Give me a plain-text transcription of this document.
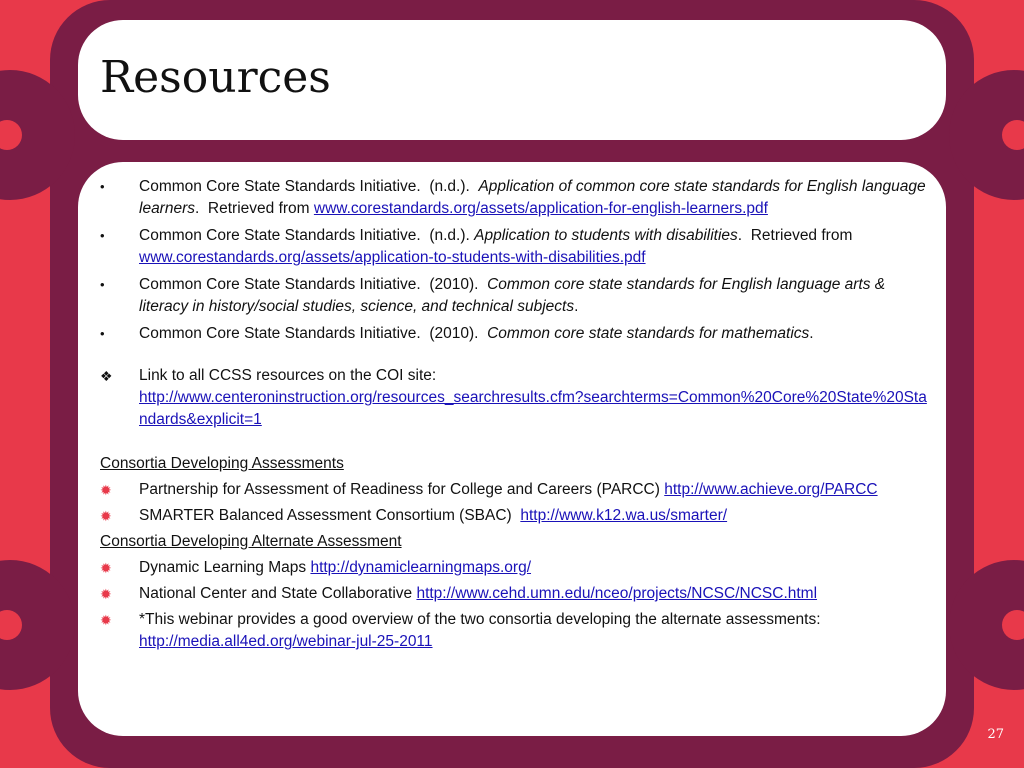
Resources
• Common Core State Standards Initiative. (n.d.). Application of common core state standards for English language learners.  Retrieved from www.corestandards.org/assets/application-for-english-learners.pdf
• Common Core State Standards Initiative. (n.d.). Application to students with disabilities.  Retrieved from www.corestandards.org/assets/application-to-students-with-disabilities.pdf
• Common Core State Standards Initiative. (2010). Common core state standards for English language arts & literacy in history/social studies, science, and technical subjects.
• Common Core State Standards Initiative. (2010). Common core state standards for mathematics.
❖ Link to all CCSS resources on the COI site:
http://www.centeroninstruction.org/resources_searchresults.cfm?searchterms=Common%20Core%20State%20Standards&explicit=1
Consortia Developing Assessments
✹ Partnership for Assessment of Readiness for College and Careers (PARCC) http://www.achieve.org/PARCC
✹ SMARTER Balanced Assessment Consortium (SBAC) http://www.k12.wa.us/smarter/
Consortia Developing Alternate Assessment
✹ Dynamic Learning Maps http://dynamiclearningmaps.org/
✹ National Center and State Collaborative http://www.cehd.umn.edu/nceo/projects/NCSC/NCSC.html
✹ *This webinar provides a good overview of the two consortia developing the alternate assessments:
http://media.all4ed.org/webinar-jul-25-2011
27
